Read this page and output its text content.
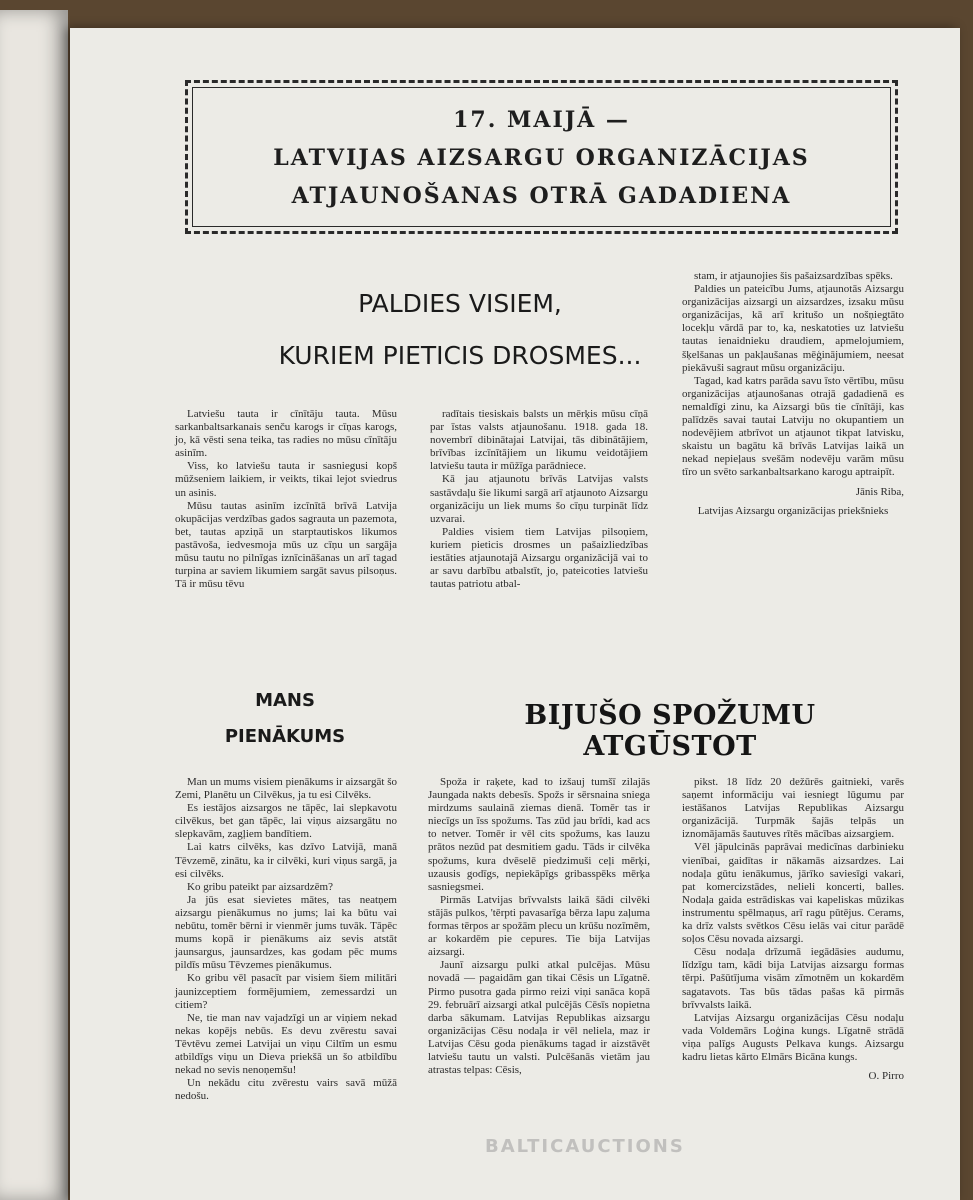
17. MAIJĀ —
LATVIJAS AIZSARGU ORGANIZĀCIJAS
ATJAUNOŠANAS OTRĀ GADADIENA
PALDIES VISIEM,
KURIEM PIETICIS DROSMES...

Latviešu tauta ir cīnītāju tauta. Mūsu sarkanbaltsarkanais senču karogs ir cīņas karogs, jo, kā vēsti sena teika, tas radies no mūsu cīnītāju asinīm.

Viss, ko latviešu tauta ir sasniegusi kopš mūžseniem laikiem, ir veikts, tikai lejot sviedrus un asinis.

Mūsu tautas asinīm izcīnītā brīvā Latvija okupācijas verdzības gados sagrauta un pazemota, bet, tautas apziņā un starptautiskos likumos pastāvoša, iedvesmoja mūs uz cīņu un sargāja mūsu tautu no pilnīgas iznīcināšanas un arī tagad turpina ar saviem likumiem sargāt savus pilsoņus. Tā ir mūsu tēvu

radītais tiesiskais balsts un mērķis mūsu cīņā par īstas valsts atjaunošanu. 1918. gada 18. novembrī dibinātajai Latvijai, tās dibinātājiem, brīvības izcīnītājiem un likumu veidotājiem latviešu tauta ir mūžīga parādniece.

Kā jau atjaunotu brīvās Latvijas valsts sastāvdaļu šie likumi sargā arī atjaunoto Aizsargu organizāciju un liek mums šo cīņu turpināt līdz uzvarai.

Paldies visiem tiem Latvijas pilsoņiem, kuriem pieticis drosmes un pašaizliedzības iestāties atjaunotajā Aizsargu organizācijā vai to ar savu darbību atbalstīt, jo, pateicoties latviešu tautas patriotu atbal-

stam, ir atjaunojies šis pašaizsardzības spēks.

Paldies un pateicību Jums, atjaunotās Aizsargu organizācijas aizsargi un aizsardzes, izsaku mūsu organizācijas, kā arī kritušo un nošņiegtāto locekļu vārdā par to, ka, neskatoties uz latviešu tautas ienaidnieku draudiem, apmelojumiem, šķelšanas un pakļaušanas mēģinājumiem, neesat piekāvuši sagraut mūsu organizāciju.

Tagad, kad katrs parāda savu īsto vērtību, mūsu organizācijas atjaunošanas otrajā gadadienā es nemaldīgi zinu, ka Aizsargi būs tie cīnītāji, kas palīdzēs savai tautai Latviju no okupantiem un nodevējiem atbrīvot un atjaunot tikpat latvisku, skaistu un bagātu kā brīvās Latvijas laikā un nekad nepieļaus svešām nodevēju varām mūsu tīro un svēto sarkanbaltsarkano karogu aptraipīt.

Jānis Riba,

Latvijas Aizsargu organizācijas priekšnieks

MANS
PIENĀKUMS

Man un mums visiem pienākums ir aizsargāt šo Zemi, Planētu un Cilvēkus, ja tu esi Cilvēks.

Es iestājos aizsargos ne tāpēc, lai slepkavotu cilvēkus, bet gan tāpēc, lai viņus aizsargātu no slepkavām, zagļiem bandītiem.

Lai katrs cilvēks, kas dzīvo Latvijā, manā Tēvzemē, zinātu, ka ir cilvēki, kuri viņus sargā, ja esi cilvēks.

Ko gribu pateikt par aizsardzēm?

Ja jūs esat sievietes mātes, tas neatņem aizsargu pienākumus no jums; lai ka būtu vai nebūtu, tomēr bērni ir vienmēr jums tuvāk. Tāpēc mums kopā ir pienākums aiz sevis atstāt jaunsargus, jaunsardzes, kas godam pēc mums pildīs mūsu Tēvzemes pienākumus.

Ko gribu vēl pasacīt par visiem šiem militāri jaunizceptiem formējumiem, zemessardzi un citiem?

Ne, tie man nav vajadzīgi un ar viņiem nekad nekas kopējs nebūs. Es devu zvērestu savai Tēvtēvu zemei Latvijai un viņu Ciltīm un esmu atbildīgs viņu un Dieva priekšā un šo atbildību nekad no sevis nenoņemšu!

Un nekādu citu zvērestu vairs savā mūžā nedošu.

BIJUŠO SPOŽUMU ATGŪSTOT

Spoža ir raķete, kad to izšauj tumšī zilajās Jaungada nakts debesīs. Spožs ir sērsnaina sniega mirdzums saulainā ziemas dienā. Tomēr tas ir niecīgs un īss spožums. Tas zūd jau brīdi, kad acs to netver. Tomēr ir vēl cits spožums, kas lauzu prātos nezūd pat desmitiem gadu. Tāds ir cilvēka spožums, kura dvēselē piedzimuši ceļi mērķi, uzausis godīgs, nepiekāpīgs gribasspēks mērķa sasniegsmei.

Pirmās Latvijas brīvvalsts laikā šādi cilvēki stājās pulkos, 'tērpti pavasarīga bērza lapu zaļuma formas tērpos ar spožām plecu un krūšu nozīmēm, ar kokardēm pie cepures. Tie bija Latvijas aizsargi.

Jaunī aizsargu pulki atkal pulcējas. Mūsu novadā — pagaidām gan tikai Cēsis un Līgatnē. Pirmo pusotra gada pirmo reizi viņi sanāca kopā 29. februārī aizsargi atkal pulcējās Cēsīs nopietna darba sākumam. Latvijas Republikas aizsargu organizācijas Cēsu nodaļa ir vēl neliela, maz ir Latvijas Cēsu goda pienākums tagad ir aizstāvēt latviešu tautu un valsti. Pulcēšanās vietām jau atrastas telpas: Cēsis,

pikst. 18 līdz 20 dežūrēs gaitnieki, varēs saņemt informāciju vai iesniegt lūgumu par iestāšanos Latvijas Republikas Aizsargu organizācijā. Turpmāk šajās telpās un iznomājamās šautuves rītēs mācības aizsargiem.

Vēl jāpulcinās paprāvai medicīnas darbinieku vienībai, gaidītas ir nākamās aizsardzes. Lai nodaļa gūtu ienākumus, jārīko saviesīgi vakari, pat komercizstādes, nelieli koncerti, balles. Nodaļa gaida estrādiskas vai kapeliskas mūzikas instrumentu spēlmaņus, arī ragu pūtējus. Cerams, ka drīz valsts svētkos Cēsu ielās vai citur parādē soļos Cēsu novada aizsargi.

Cēsu nodaļa drīzumā iegādāsies audumu, līdzīgu tam, kādi bija Latvijas aizsargu formas tērpi. Pašūtījuma visām zīmotnēm un kokardēm sagatavots. Tas būs tādas pašas kā pirmās brīvvalsts laikā.

Latvijas Aizsargu organizācijas Cēsu nodaļu vada Voldemārs Loģina kungs. Līgatnē strādā viņa palīgs Augusts Pelkava kungs. Aizsargu kadru lietas kārto Elmārs Bicāna kungs.

O. Pirro

BALTICAUCTIONS
